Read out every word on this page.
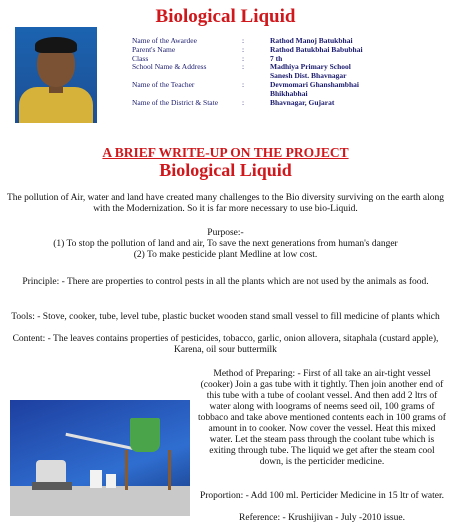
Biological Liquid
Name of the Awardee	:	Rathod Manoj Batukbhai
Parent's Name	:	Rathod Batukbhai Babubhai
Class	:	7 th
School Name & Address	:	Madhiya Primary School
Sanesh Dist. Bhavnagar
Name of the Teacher	:	Devmomari Ghanshambhai
Bhikhabhai
Name of the District & State	:	Bhavnagar, Gujarat
A BRIEF WRITE-UP ON THE PROJECT
Biological Liquid
The pollution of Air, water and land have created many challenges to the Bio diversity surviving on the earth along with the Modernization. So it is far more necessary to use bio-Liquid.
Purpose:-
(1) To stop the pollution of land and air, To save the next generations from human's danger
(2) To make pesticide plant Medline at low cost.
Principle: - There are properties to control pests in all the plants which are not used by the animals as food.
Tools: - Stove, cooker, tube, level tube, plastic bucket wooden stand small vessel to fill medicine of plants which
Content: - The leaves contains properties of pesticides, tobacco, garlic, onion allovera, sitaphala (custard apple), Karena, oil sour buttermilk
Method of Preparing: - First of all take an air-tight vessel (cooker) Join a gas tube with it tightly. Then join another end of this tube with a tube of coolant vessel. And then add 2 ltrs of water along with loograms of neems seed oil, 100 grams of tobbaco and take above mentioned contents each in 100 grams of amount in to cooker. Now cover the vessel. Heat this mixed water. Let the steam pass through the coolant tube which is exiting through tube. The liquid we get after the steam cool down, is the perticider medicine.
Proportion: - Add 100 ml. Perticider Medicine in 15 ltr of water.
Reference: - Krushijivan - July -2010 issue.
